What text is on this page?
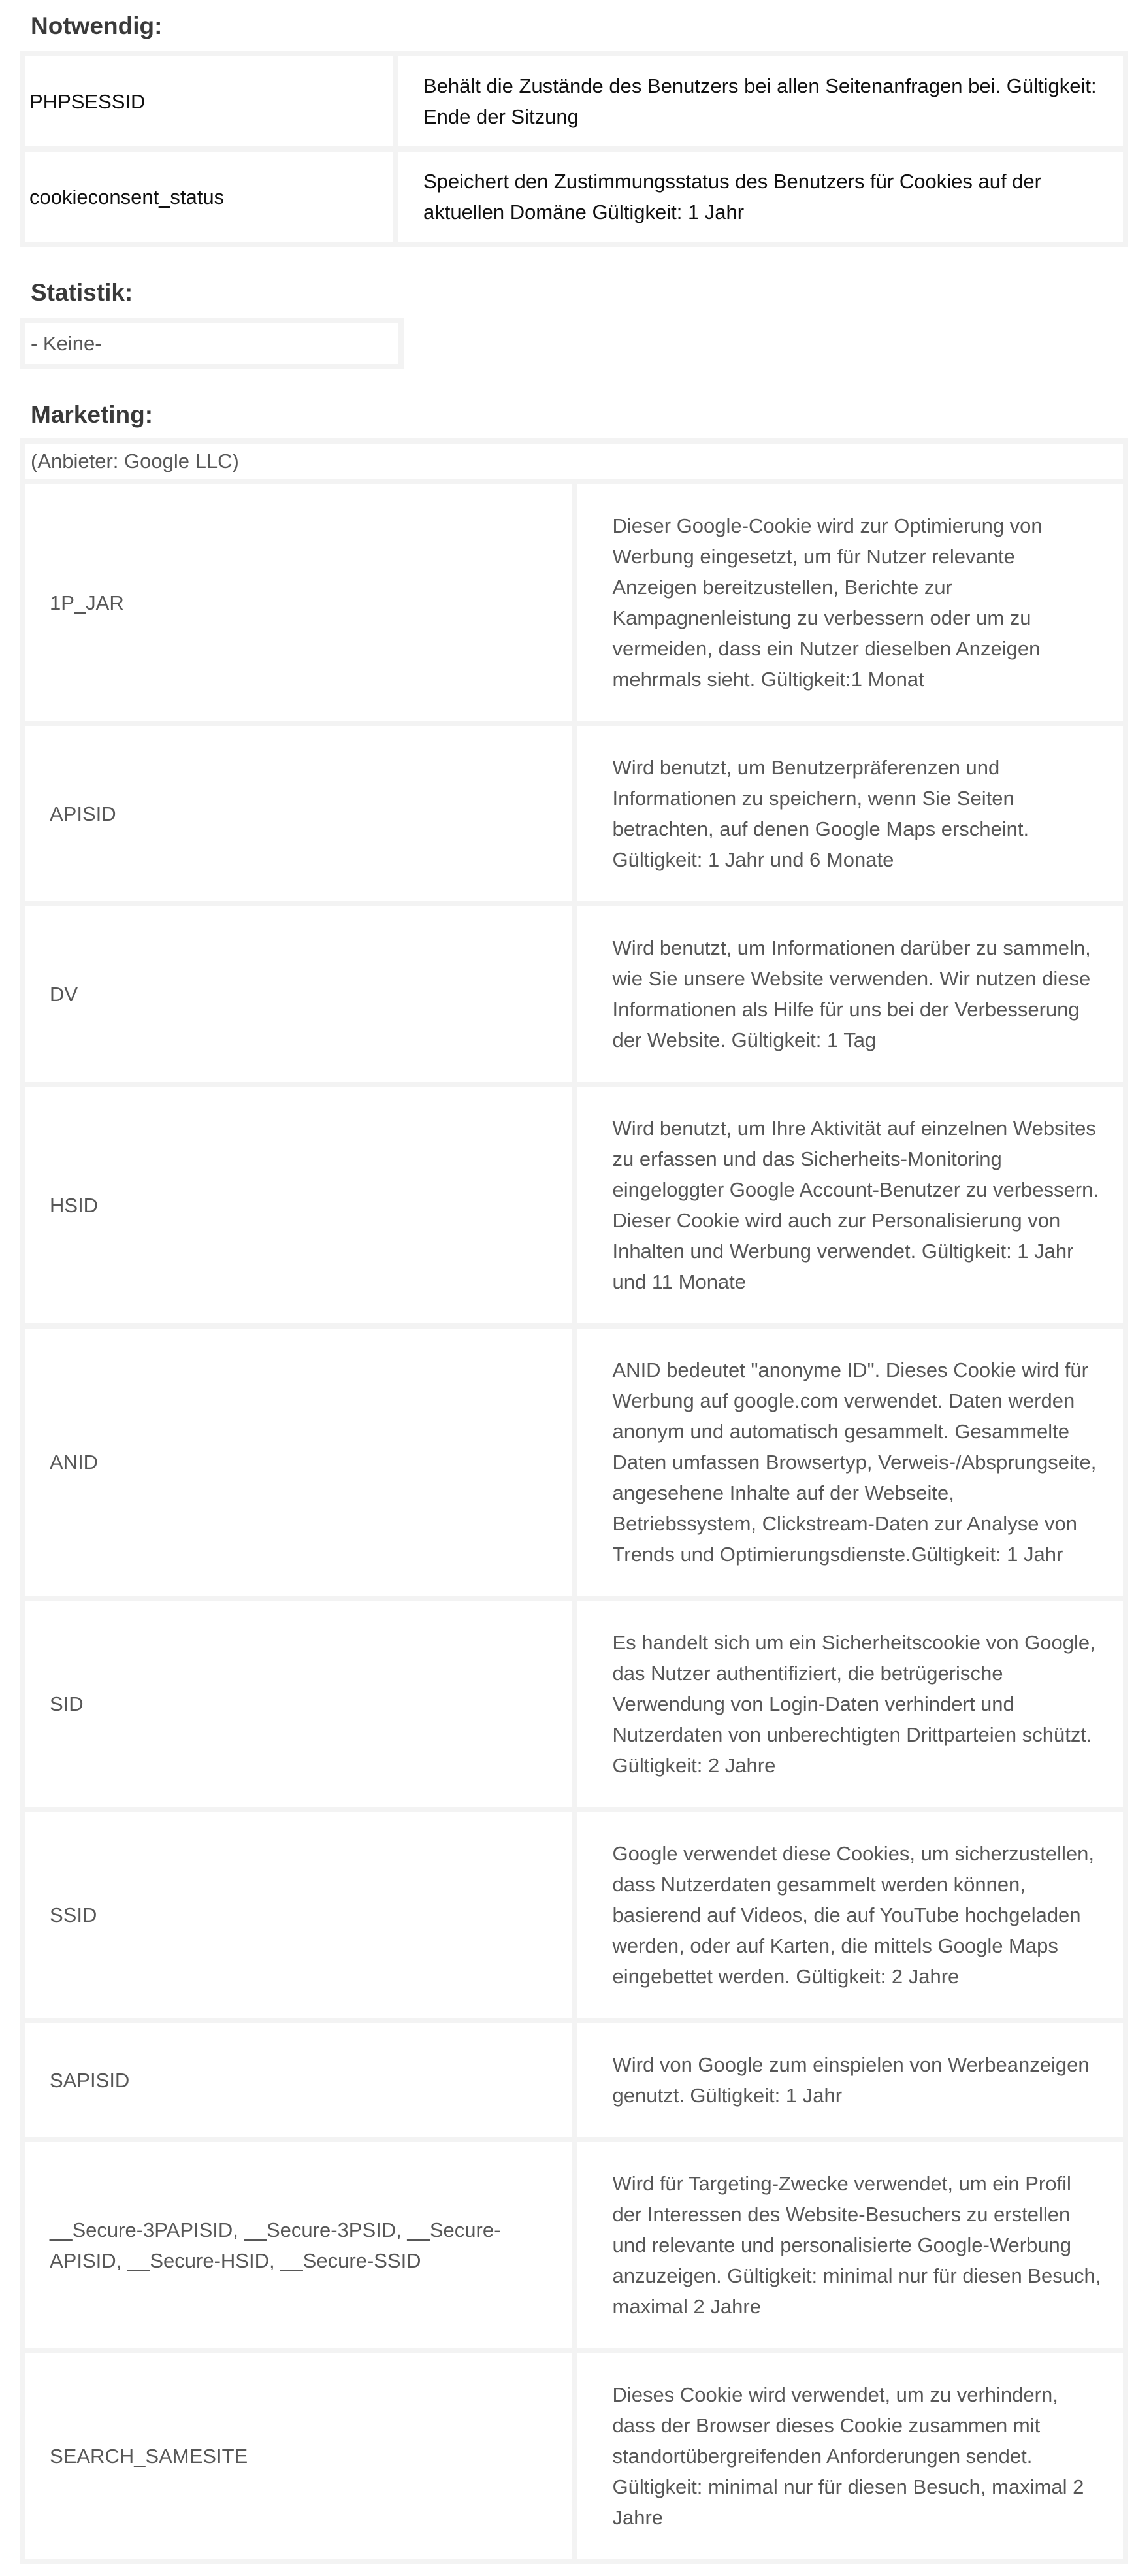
Notwendig:
PHPSESSID	Behält die Zustände des Benutzers bei allen Seitenanfragen bei. Gültigkeit: Ende der Sitzung
cookieconsent_status	Speichert den Zustimmungsstatus des Benutzers für Cookies auf der aktuellen Domäne Gültigkeit: 1 Jahr
Statistik:
- Keine-
Marketing:
(Anbieter: Google LLC)	
1P_JAR	Dieser Google-Cookie wird zur Optimierung von Werbung eingesetzt, um für Nutzer relevante Anzeigen bereitzustellen, Berichte zur Kampagnenleistung zu verbessern oder um zu vermeiden, dass ein Nutzer dieselben Anzeigen mehrmals sieht. Gültigkeit:1 Monat
APISID	Wird benutzt, um Benutzerpräferenzen und Informationen zu speichern, wenn Sie Seiten betrachten, auf denen Google Maps erscheint. Gültigkeit: 1 Jahr und 6 Monate
DV	Wird benutzt, um Informationen darüber zu sammeln, wie Sie unsere Website verwenden. Wir nutzen diese Informationen als Hilfe für uns bei der Verbesserung der Website. Gültigkeit: 1 Tag
HSID	Wird benutzt, um Ihre Aktivität auf einzelnen Websites zu erfassen und das Sicherheits-Monitoring   eingeloggter Google Account-Benutzer zu verbessern. Dieser Cookie wird auch zur Personalisierung von Inhalten und Werbung verwendet. Gültigkeit: 1 Jahr und 11 Monate
ANID	ANID bedeutet "anonyme ID". Dieses Cookie wird für Werbung auf google.com verwendet. Daten werden anonym und automatisch gesammelt. Gesammelte Daten umfassen Browsertyp, Verweis-/Absprungseite, angesehene Inhalte auf der Webseite, Betriebssystem, Clickstream-Daten zur Analyse von Trends und Optimierungsdienste.Gültigkeit: 1 Jahr
SID	Es handelt sich um ein Sicherheitscookie von Google, das Nutzer authentifiziert, die betrügerische Verwendung von Login-Daten verhindert und Nutzerdaten von unberechtigten Drittparteien schützt. Gültigkeit: 2 Jahre
SSID	Google verwendet diese Cookies, um sicherzustellen, dass Nutzerdaten gesammelt werden können, basierend auf Videos, die auf YouTube hochgeladen werden, oder auf Karten, die mittels Google Maps eingebettet werden. Gültigkeit: 2 Jahre
SAPISID	Wird von Google zum einspielen von Werbeanzeigen genutzt. Gültigkeit: 1 Jahr
__Secure-3PAPISID, __Secure-3PSID, __Secure-APISID, __Secure-HSID, __Secure-SSID	Wird für Targeting-Zwecke verwendet, um ein Profil der Interessen des Website-Besuchers zu erstellen und relevante und personalisierte Google-Werbung anzuzeigen. Gültigkeit: minimal nur für diesen Besuch, maximal 2 Jahre
SEARCH_SAMESITE	Dieses Cookie wird verwendet, um zu verhindern, dass der Browser dieses Cookie zusammen mit standortübergreifenden Anforderungen sendet. Gültigkeit: minimal nur für diesen Besuch, maximal 2 Jahre
